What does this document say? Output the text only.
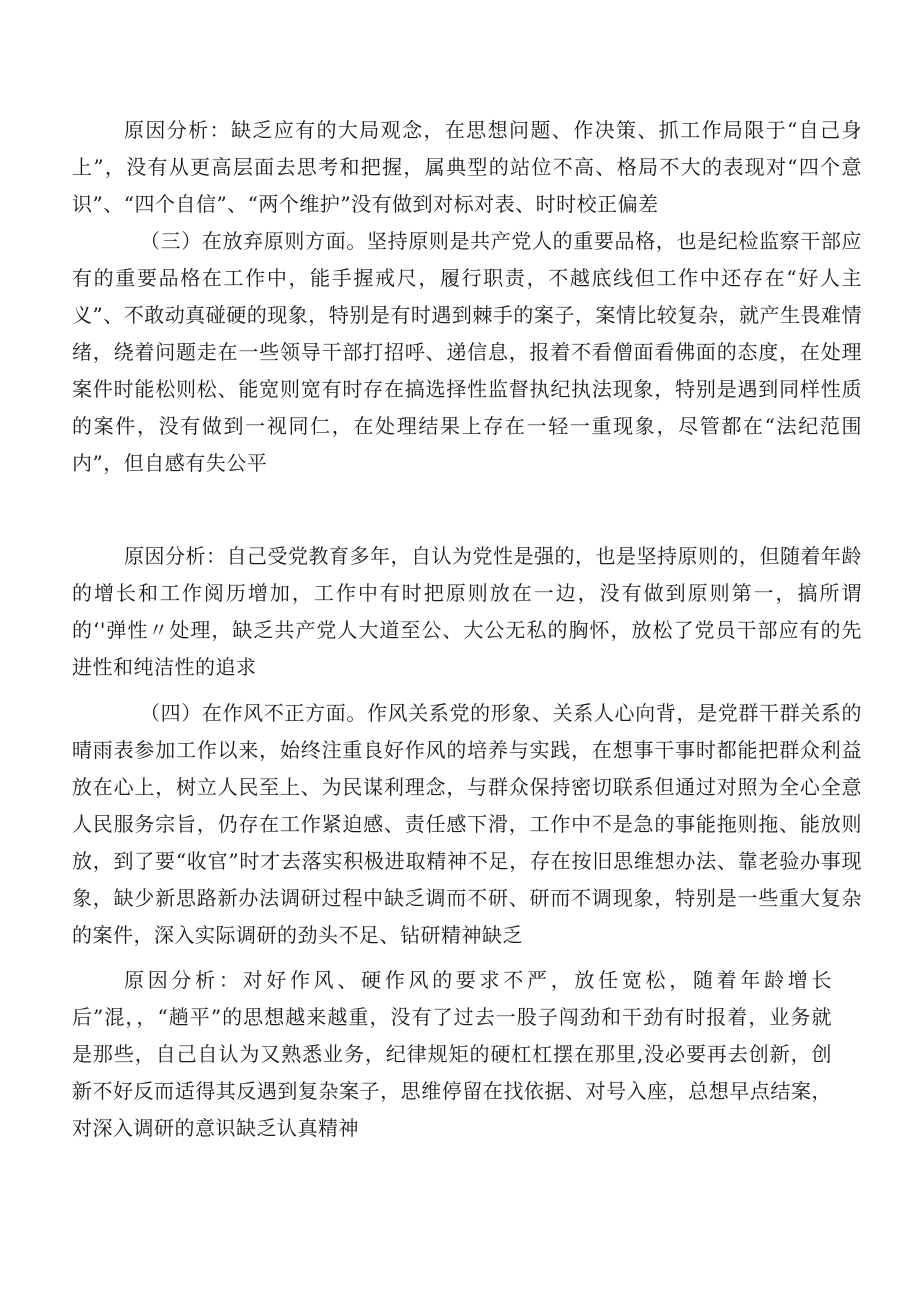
原因分析：缺乏应有的大局观念，在思想问题、作决策、抓工作局限于“自己身上”，没有从更高层面去思考和把握，属典型的站位不高、格局不大的表现对“四个意识”、“四个自信”、“两个维护”没有做到对标对表、时时校正偏差

（三）在放弃原则方面。坚持原则是共产党人的重要品格，也是纪检监察干部应有的重要品格在工作中，能手握戒尺，履行职责，不越底线但工作中还存在“好人主义”、不敢动真碰硬的现象，特别是有时遇到棘手的案子，案情比较复杂，就产生畏难情绪，绕着问题走在一些领导干部打招呼、递信息，报着不看僧面看佛面的态度，在处理案件时能松则松、能宽则宽有时存在搞选择性监督执纪执法现象，特别是遇到同样性质的案件，没有做到一视同仁，在处理结果上存在一轻一重现象，尽管都在“法纪范围内”，但自感有失公平

原因分析：自己受党教育多年，自认为党性是强的，也是坚持原则的，但随着年龄的增长和工作阅历增加，工作中有时把原则放在一边，没有做到原则第一，搞所谓的‘'弹性〃处理，缺乏共产党人大道至公、大公无私的胸怀，放松了党员干部应有的先进性和纯洁性的追求

（四）在作风不正方面。作风关系党的形象、关系人心向背，是党群干群关系的晴雨表参加工作以来，始终注重良好作风的培养与实践，在想事干事时都能把群众利益放在心上，树立人民至上、为民谋利理念，与群众保持密切联系但通过对照为全心全意人民服务宗旨，仍存在工作紧迫感、责任感下滑，工作中不是急的事能拖则拖、能放则放，到了要“收官”时才去落实积极进取精神不足，存在按旧思维想办法、靠老验办事现象，缺少新思路新办法调研过程中缺乏调而不研、研而不调现象，特别是一些重大复杂的案件，深入实际调研的劲头不足、钻研精神缺乏

原因分析：对好作风、硬作风的要求不严，放任宽松，随着年龄增长后”混，，“趟平”的思想越来越重，没有了过去一股子闯劲和干劲有时报着，业务就是那些，自己自认为又熟悉业务，纪律规矩的硬杠杠摆在那里,没必要再去创新，创新不好反而适得其反遇到复杂案子，思维停留在找依据、对号入座，总想早点结案，对深入调研的意识缺乏认真精神
